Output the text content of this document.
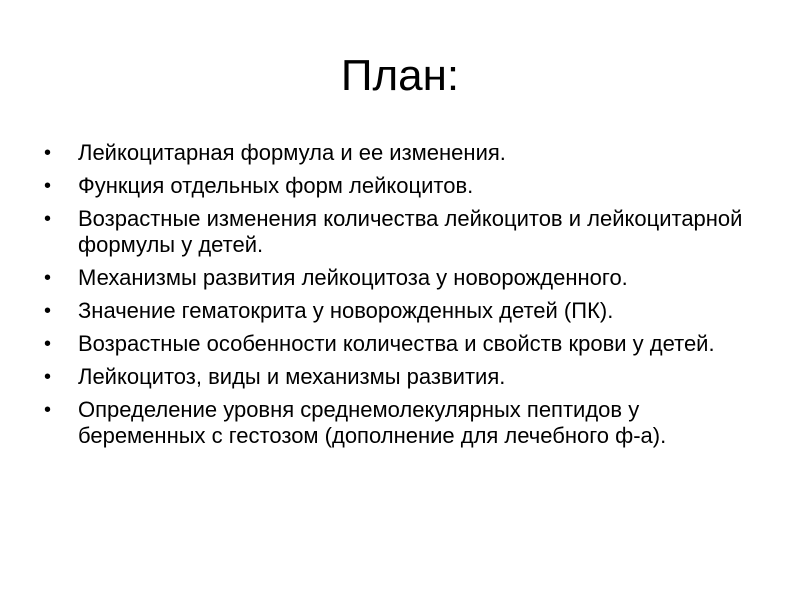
План:
•	Лейкоцитарная формула и ее изменения.
•	Функция отдельных форм лейкоцитов.
•	Возрастные изменения количества лейкоцитов и лейкоцитарной формулы у детей.
•	Механизмы развития лейкоцитоза у новорожденного.
•	Значение гематокрита у новорожденных детей (ПК).
•	Возрастные особенности количества и свойств крови у детей.
•	Лейкоцитоз, виды и механизмы развития.
•	Определение уровня среднемолекулярных пептидов у беременных с гестозом (дополнение для лечебного ф-а).
